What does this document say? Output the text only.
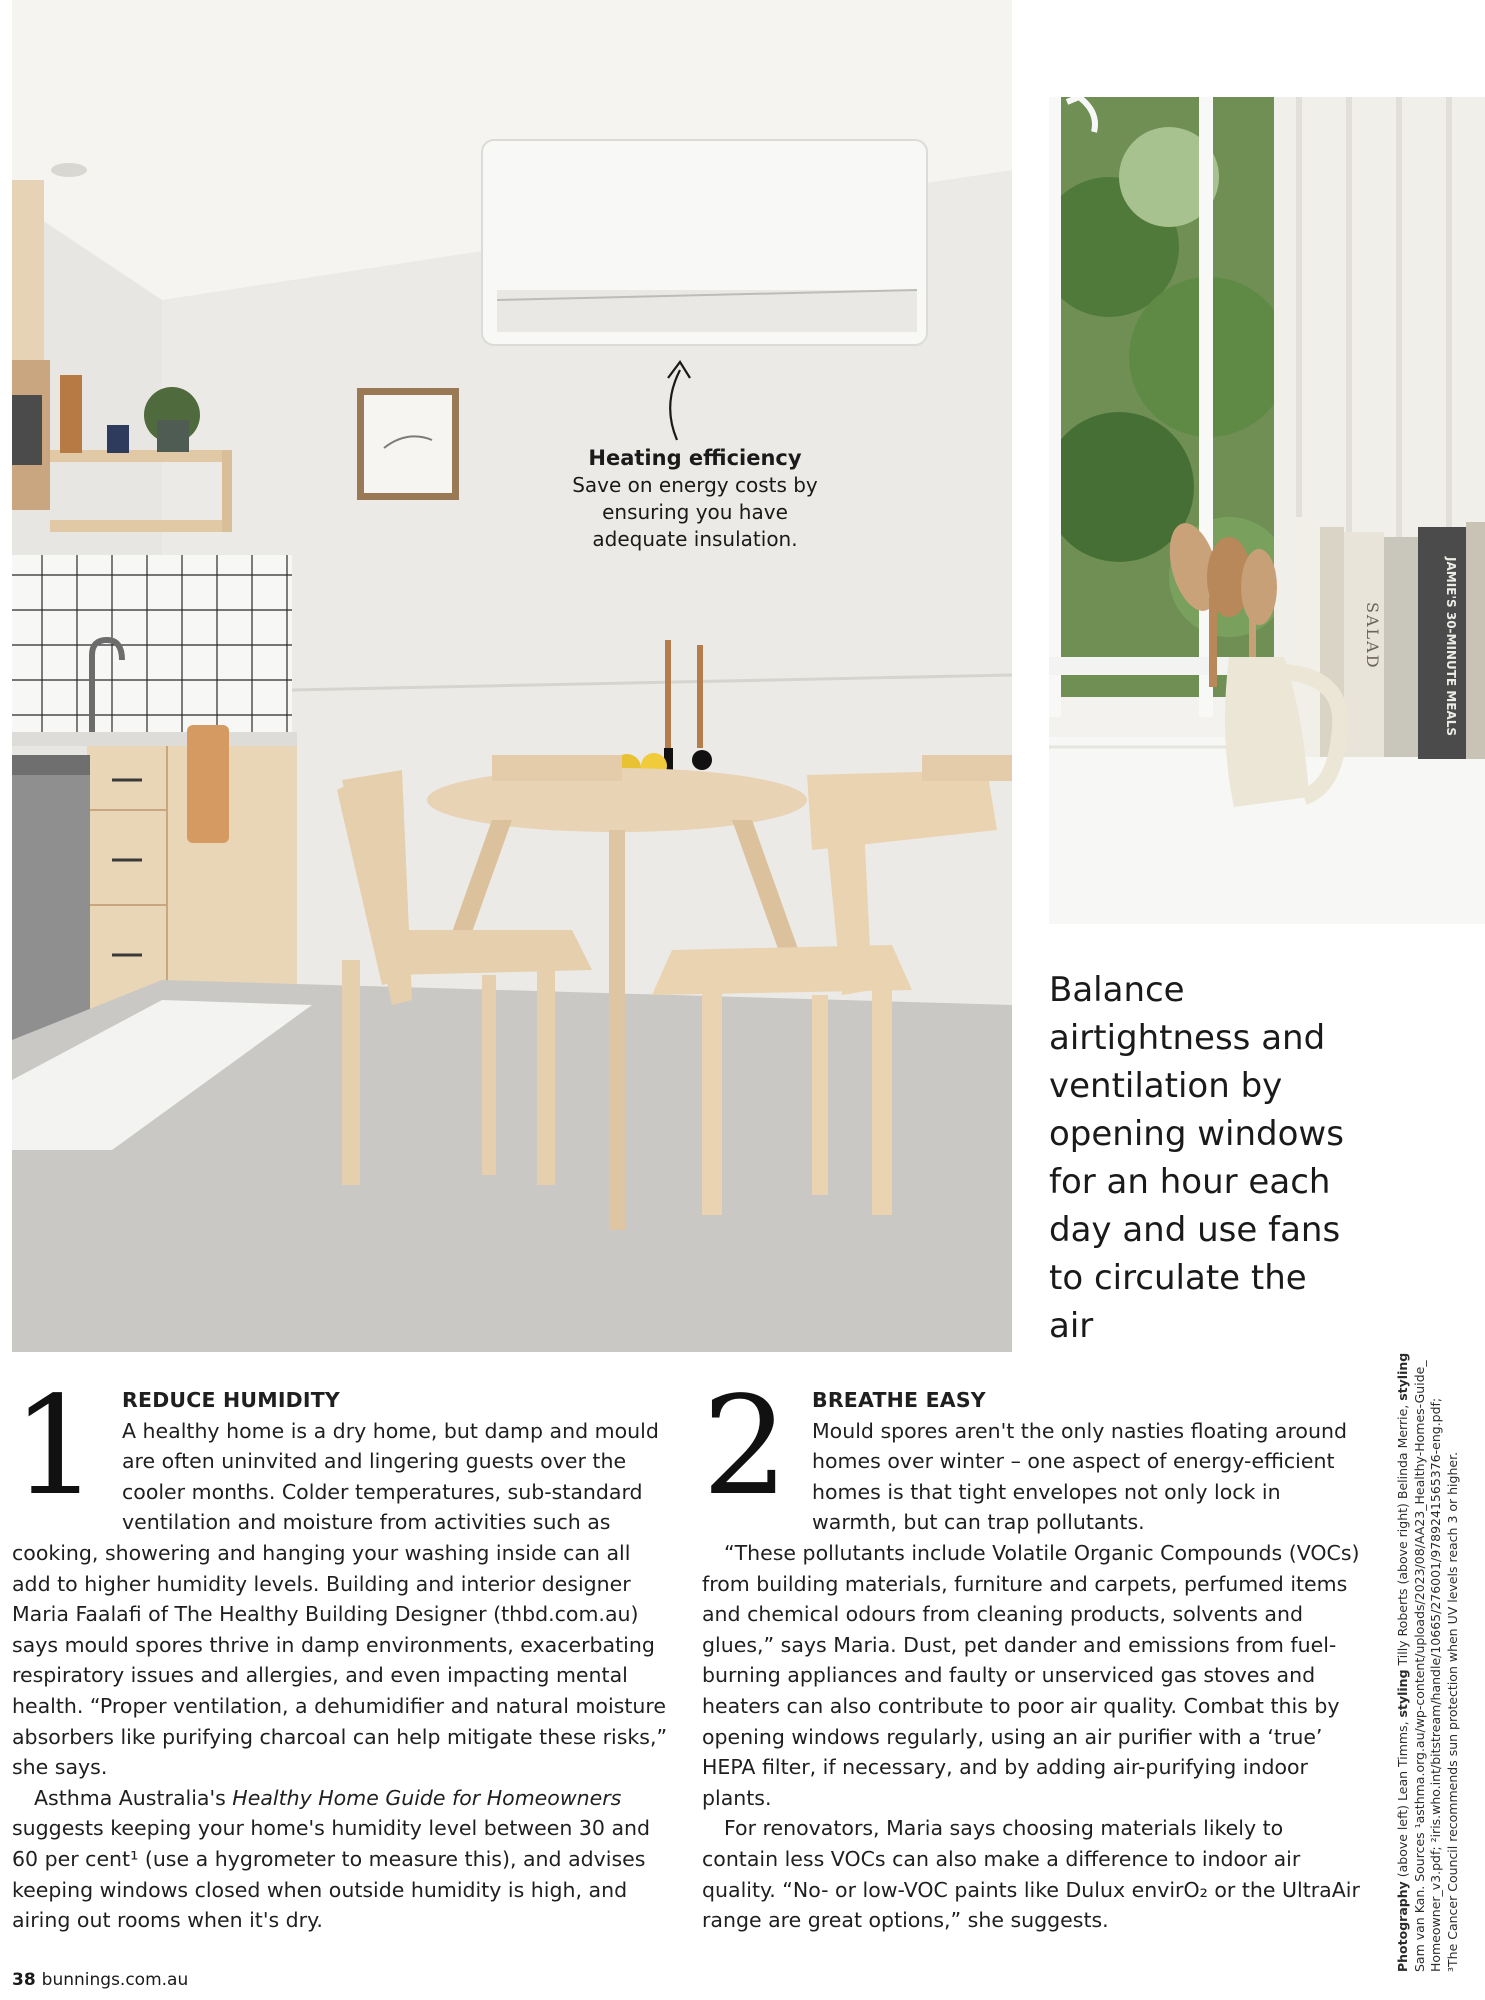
Heating efficiency
Save on energy costs by ensuring you have adequate insulation.
JAMIE'S 30-MINUTE MEALS
SALAD
Balance airtightness and ventilation by opening windows for an hour each day and use fans to circulate the air
1	REDUCE HUMIDITY
A healthy home is a dry home, but damp and mould are often uninvited and lingering guests over the cooler months. Colder temperatures, sub-standard ventilation and moisture from activities such as cooking, showering and hanging your washing inside can all add to higher humidity levels. Building and interior designer Maria Faalafi of The Healthy Building Designer (thbd.com.au) says mould spores thrive in damp environments, exacerbating respiratory issues and allergies, and even impacting mental health. “Proper ventilation, a dehumidifier and natural moisture absorbers like purifying charcoal can help mitigate these risks,” she says.
Asthma Australia's Healthy Home Guide for Homeowners suggests keeping your home's humidity level between 30 and 60 per cent¹ (use a hygrometer to measure this), and advises keeping windows closed when outside humidity is high, and airing out rooms when it's dry.
2	BREATHE EASY
Mould spores aren't the only nasties floating around homes over winter – one aspect of energy-efficient homes is that tight envelopes not only lock in warmth, but can trap pollutants.
“These pollutants include Volatile Organic Compounds (VOCs) from building materials, furniture and carpets, perfumed items and chemical odours from cleaning products, solvents and glues,” says Maria. Dust, pet dander and emissions from fuel-burning appliances and faulty or unserviced gas stoves and heaters can also contribute to poor air quality. Combat this by opening windows regularly, using an air purifier with a ‘true’ HEPA filter, if necessary, and by adding air-purifying indoor plants.
For renovators, Maria says choosing materials likely to contain less VOCs can also make a difference to indoor air quality. “No- or low-VOC paints like Dulux envirO₂ or the UltraAir range are great options,” she suggests.	Photography (above left) Lean Timms, styling Tilly Roberts (above right) Belinda Merrie, styling Sam van Kan. Sources ¹asthma.org.au/wp-content/uploads/2023/08/AA23_Healthy-Homes-Guide_ Homeowner_v3.pdf; ²iris.who.int/bitstream/handle/10665/276001/9789241565376-eng.pdf; ³The Cancer Council recommends sun protection when UV levels reach 3 or higher.
38 bunnings.com.au
